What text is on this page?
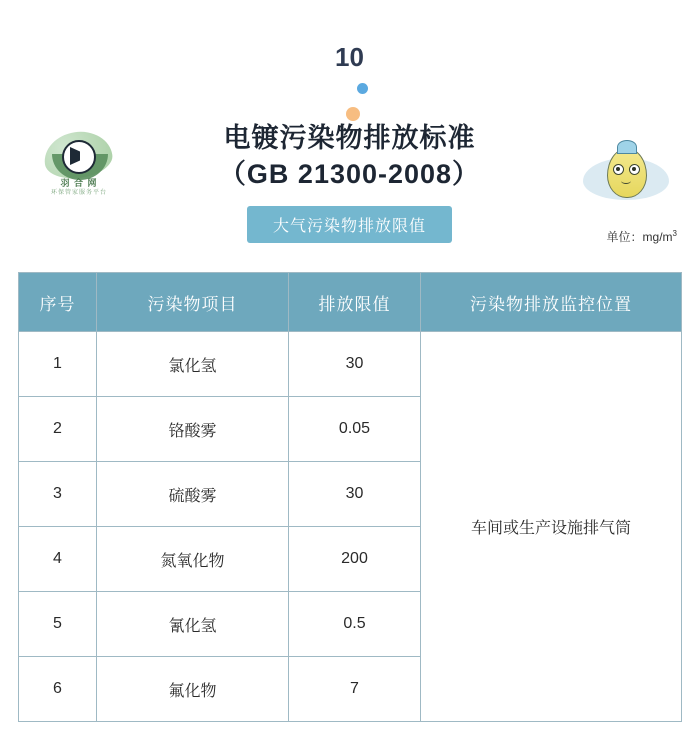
10
羽 合 网
环保管家服务平台
电镀污染物排放标准
（GB 21300-2008）
大气污染物排放限值
单位：$mg/m^3$
序号	污染物项目	排放限值	污染物排放监控位置
1	氯化氢	30	车间或生产设施排气筒
2	铬酸雾	0.05	
3	硫酸雾	30	
4	氮氧化物	200	
5	氰化氢	0.5	
6	氟化物	7	
